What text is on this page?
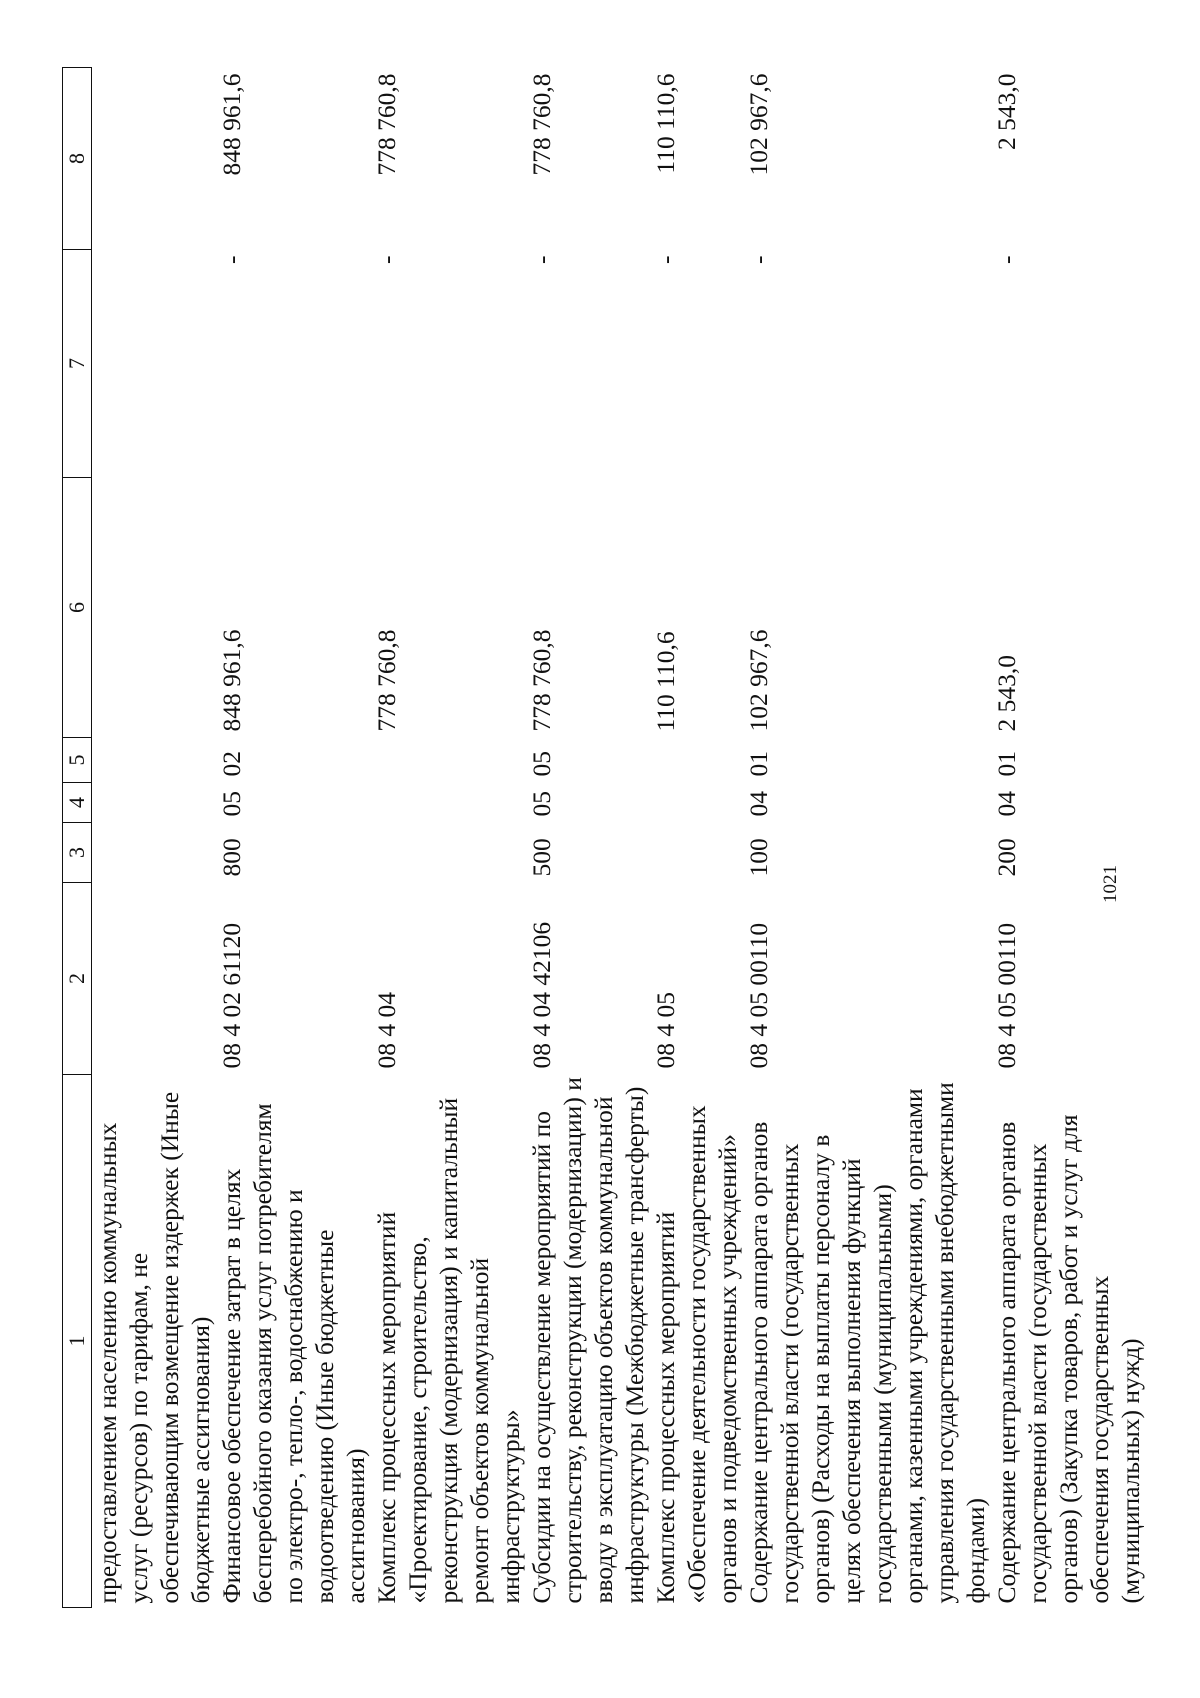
1021
1	2	3	4	5	6	7	8
предоставлением населению коммунальных услуг (ресурсов) по тарифам, не обеспечивающим возмещение издержек (Иные бюджетные ассигнования)							
Финансовое обеспечение затрат в целях бесперебойного оказания услуг потребителям по электро-, тепло-, водоснабжению и водоотведению (Иные бюджетные ассигнования)	08 4 02 61120	800	05	02	848 961,6	-	848 961,6
Комплекс процессных мероприятий «Проектирование, строительство, реконструкция (модернизация) и капитальный ремонт объектов коммунальной инфраструктуры»	08 4 04				778 760,8	-	778 760,8
Субсидии на осуществление мероприятий по строительству, реконструкции (модернизации) и вводу в эксплуатацию объектов коммунальной инфраструктуры (Межбюджетные трансферты)	08 4 04 42106	500	05	05	778 760,8	-	778 760,8
Комплекс процессных мероприятий «Обеспечение деятельности государственных органов и подведомственных учреждений»	08 4 05				110 110,6	-	110 110,6
Содержание центрального аппарата органов государственной власти (государственных органов) (Расходы на выплаты персоналу в целях обеспечения выполнения функций государственными (муниципальными) органами, казенными учреждениями, органами управления государственными внебюджетными фондами)	08 4 05 00110	100	04	01	102 967,6	-	102 967,6
Содержание центрального аппарата органов государственной власти (государственных органов) (Закупка товаров, работ и услуг для обеспечения государственных (муниципальных) нужд)	08 4 05 00110	200	04	01	2 543,0	-	2 543,0
